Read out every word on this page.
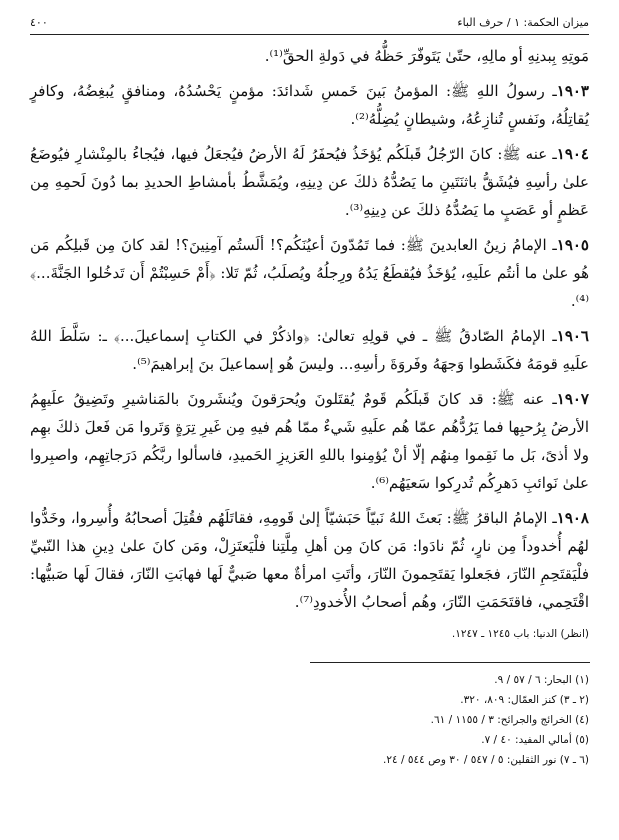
ميزان الحكمة: ١ / حرف الباء
٤٠٠

مَوتِهِ بِبدنِهِ أو مالِهِ، حتّىٰ يَتَوفّرَ حَظُّهُ في دَولةِ الحقِّ⁽¹⁾.

١٩٠٣ـ رسولُ اللهِ ﷺ: المؤمنُ بَينَ خَمسِ شَدائدَ: مؤمنٍ يَحْسُدُهُ، ومنافقٍ يُبغِضُهُ، وكافرٍ يُقاتِلُهُ، ونَفسٍ تُنازِعُهُ، وشيطانٍ يُضِلُّهُ⁽²⁾.

١٩٠٤ـ عنه ﷺ: كانَ الرّجُلُ قَبلَكُم يُؤخَذُ فيُحفَرُ لَهُ الأرضُ فيُجعَلُ فيها، فيُجاءُ بالمِنْشارِ فيُوضَعُ علىٰ رأسِهِ فيُشَقُّ باثنَتَينِ ما يَصُدُّهُ ذلكَ عن دِينِهِ، ويُمَشَّطُ بأمشاطِ الحديدِ بما دُونَ لَحمِهِ مِن عَظمٍ أو عَصَبٍ ما يَصُدُّهُ ذلكَ عن دِينِهِ⁽³⁾.

١٩٠٥ـ الإمامُ زينُ العابدينَ ﷺ: فما تَمُدّونَ أعيُنَكُم؟! ألَستُم آمِنِينَ؟! لقد كانَ مِن قَبلِكُم مَن هُو علىٰ ما أنتُم علَيهِ، يُؤخَذُ فيُقطَعُ يَدُهُ ورِجلُهُ ويُصلَبُ، ثُمّ تَلا: ﴿أَمْ حَسِبْتُمْ أَن تَدخُلوا الجَنَّةَ...﴾⁽⁴⁾.

١٩٠٦ـ الإمامُ الصّادقُ ﷺ ـ في قولِهِ تعالىٰ: ﴿واذكُرْ في الكتابِ إسماعيلَ...﴾ ـ: سَلَّطَ اللهُ علَيهِ قومَهُ فكَشَطوا وَجهَهُ وفَروَةَ رأسِهِ... وليسَ هُو إسماعيلَ بنَ إبراهيمَ⁽⁵⁾.

١٩٠٧ـ عنه ﷺ: قد كانَ قَبلَكُم قَومٌ يُقتَلونَ ويُحرَقونَ ويُنشَرونَ بالمَناشيرِ وتَضِيقُ علَيهِمُ الأرضُ بِرُحبِها فما يَرُدُّهُم عمّا هُم علَيهِ شَيءٌ ممّا هُم فيهِ مِن غَيرِ تِرَةٍ وَتَروا مَن فَعلَ ذلكَ بهِم ولا أذىً، بَل ما نَقِموا مِنهُم إلّا أنْ يُؤمِنوا باللهِ العَزيزِ الحَميدِ، فاسألوا ربَّكُم دَرَجاتِهِم، واصبِروا علىٰ نَوائبِ دَهرِكُم تُدرِكوا سَعيَهُم⁽⁶⁾.

١٩٠٨ـ الإمامُ الباقرُ ﷺ: بَعثَ اللهُ نَبيّاً حَبَشيّاً إلىٰ قَومِهِ، فقاتَلَهُم فقُتِلَ أصحابُهُ وأُسِروا، وخَدُّوا لهُم أُخدوداً مِن نارٍ، ثُمّ نادَوا: مَن كانَ مِن أهلِ مِلَّتِنا فلْيَعتَزِلْ، ومَن كانَ علىٰ دِينِ هذا النّبيِّ فلْيَقتَحِمِ النّارَ، فجَعلوا يَقتَحِمونَ النّارَ، وأتَتِ امرأةٌ معها صَبيٌّ لَها فهابَتِ النّارَ، فقالَ لَها صَبيُّها: اقْتَحِمي، فاقتَحَمَتِ النّارَ، وهُم أصحابُ الأُخدودِ⁽⁷⁾.

(انظر) الدنيا: باب ١٢٤٥ ـ ١٢٤٧.
(١) البحار: ٦ / ٥٧ / ٩.
(٢ ـ ٣) كنز العمّال: ٨٠٩، ٣٢٠.
(٤) الخرائج والجرائح: ٣ / ١١٥٥ / ٦١.
(٥) أمالي المفيد: ٤٠ / ٧.
(٦ ـ ٧) نور الثقلين: ٥ / ٥٤٧ / ٣٠ وص ٥٤٤ / ٢٤.
